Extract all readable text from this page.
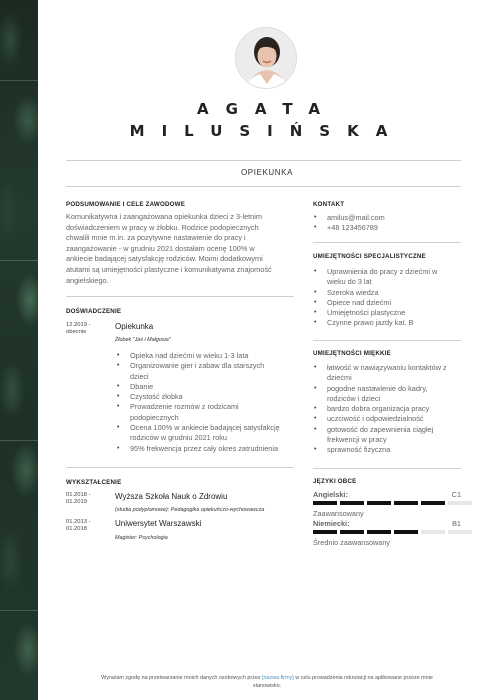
AGATA
MILUSIŃSKA
OPIEKUNKA
PODSUMOWANIE I CELE ZAWODOWE
Komunikatywna i zaangażowana opiekunka dzieci z 3-letnim
doświadczeniem w pracy w żłobku. Rodzice podopiecznych
chwalili mnie m.in. za pozytywne nastawienie do pracy i
zaangażowanie - w grudniu 2021 dostałam ocenę 100% w
ankiecie badającej satysfakcję rodziców. Moimi dodatkowymi
atutami są umiejętności plastyczne i komunikatywna znajomość
angielskiego.
DOŚWIADCZENIE
12.2019 -
obecnie
Opiekunka
Żłobek "Jaś i Małgosia"
• Opieka nad dziećmi w wieku 1-3 lata
• Organizowanie gier i zabaw dla starszych
dzieci
• Dbanie
• Czystość żłobka
• Prowadzenie rozmów z rodzicami
podopiecznych
• Ocena 100% w ankiecie badającej satysfakcję
rodziców w grudniu 2021 roku
• 95% frekwencja przez cały okres zatrudnienia
WYKSZTAŁCENIE
01.2018 -
01.2019
Wyższa Szkoła Nauk o Zdrowiu
(studia podyplomowe): Pedagogika opiekuńczo-wychowawcza
01.2013 -
01.2018
Uniwersytet Warszawski
Magister: Psychologia
KONTAKT
• amilus@mail.com
• +48 123456789
UMIEJĘTNOŚCI SPECJALISTYCZNE
• Uprawnienia do pracy z dziećmi w
wieku do 3 lat
• Szeroka wiedza
• Opiece nad dziećmi
• Umiejętności plastyczne
• Czynne prawo jazdy kat. B
UMIEJĘTNOŚCI MIĘKKIE
• łatwość w nawiązywaniu kontaktów z
dziećmi
• pogodne nastawienie do kadry,
rodziców i dzieci
• bardzo dobra organizacja pracy
• uczciwość i odpowiedzialność
• gotowość do zapewnienia ciągłej
frekwencji w pracy
• sprawność fizyczna
JĘZYKI OBCE
Angielski:	C1
Zaawansowany
Niemiecki:	B1
Średnio zaawansowany
Wyrażam zgodę na przetwarzanie moich danych osobowych przez [nazwa firmy] w celu prowadzenia rekrutacji na aplikowane przeze mnie
stanowisko.
